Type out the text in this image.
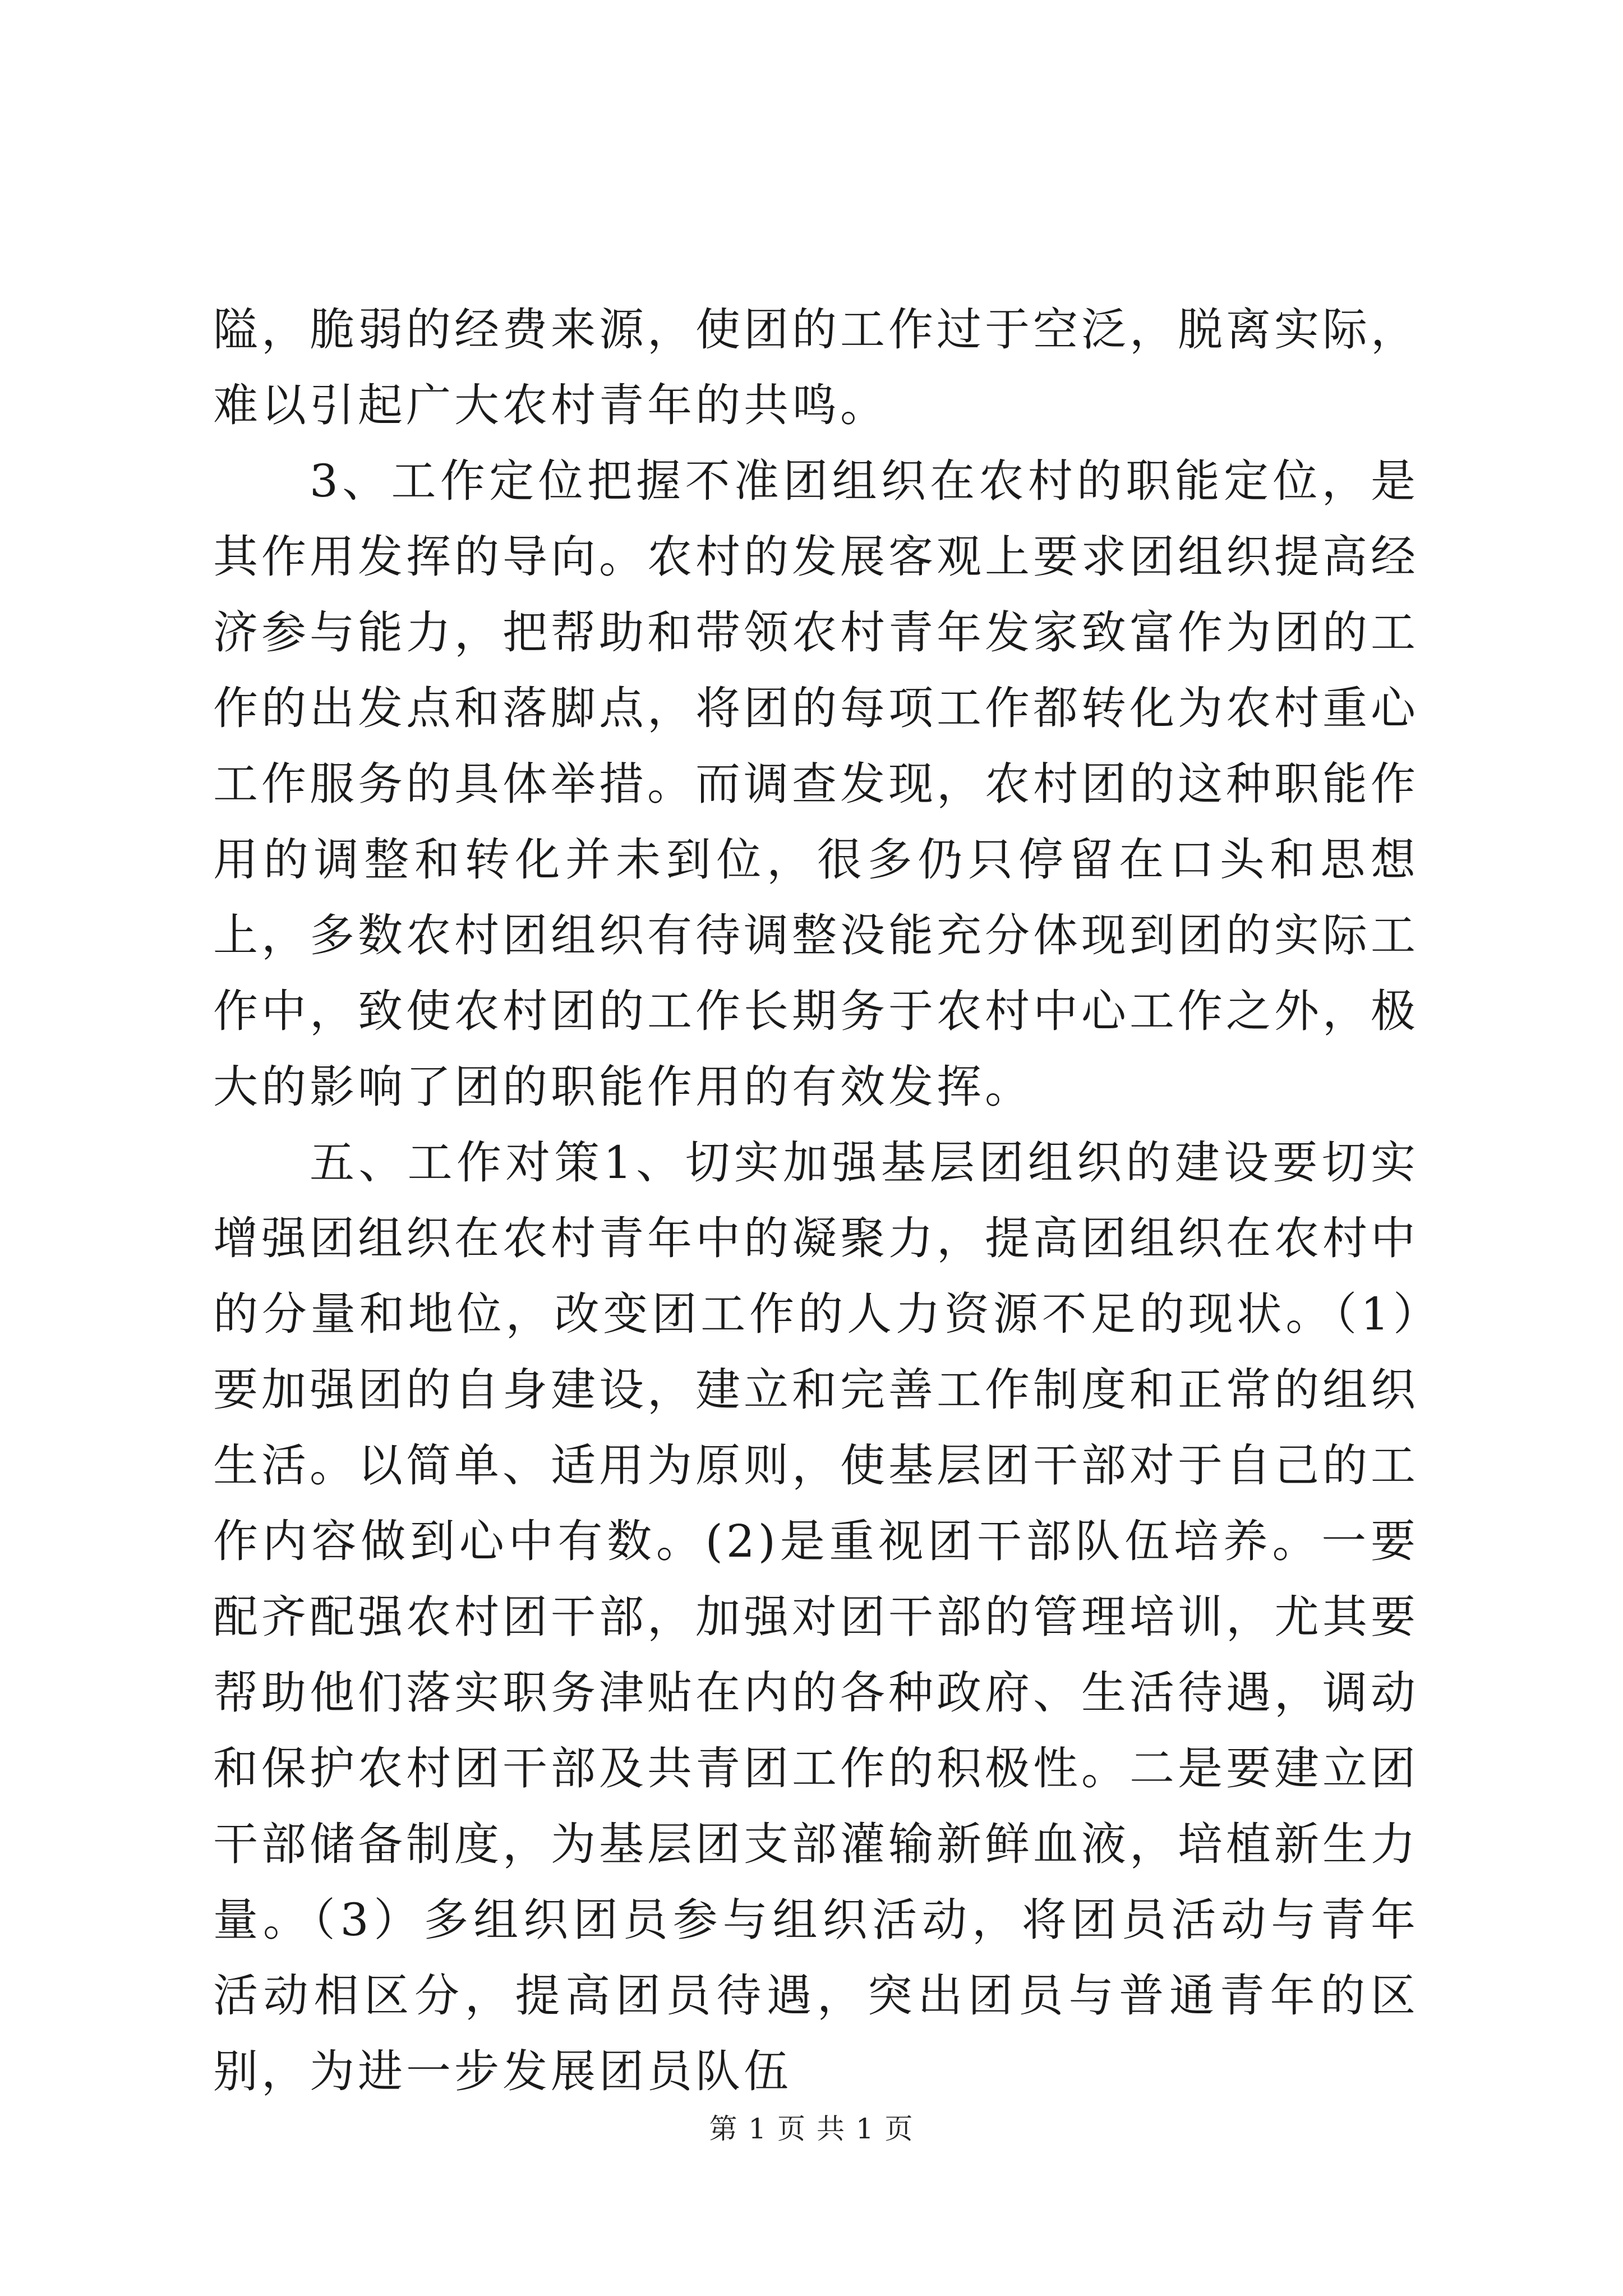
隘，脆弱的经费来源，使团的工作过于空泛，脱离实际，难以引起广大农村青年的共鸣。

3、工作定位把握不准团组织在农村的职能定位，是其作用发挥的导向。农村的发展客观上要求团组织提高经济参与能力，把帮助和带领农村青年发家致富作为团的工作的出发点和落脚点，将团的每项工作都转化为农村重心工作服务的具体举措。而调查发现，农村团的这种职能作用的调整和转化并未到位，很多仍只停留在口头和思想上，多数农村团组织有待调整没能充分体现到团的实际工作中，致使农村团的工作长期务于农村中心工作之外，极大的影响了团的职能作用的有效发挥。

五、工作对策1、切实加强基层团组织的建设要切实增强团组织在农村青年中的凝聚力，提高团组织在农村中的分量和地位，改变团工作的人力资源不足的现状。（1）要加强团的自身建设，建立和完善工作制度和正常的组织生活。以简单、适用为原则，使基层团干部对于自己的工作内容做到心中有数。(2)是重视团干部队伍培养。一要配齐配强农村团干部，加强对团干部的管理培训，尤其要帮助他们落实职务津贴在内的各种政府、生活待遇，调动和保护农村团干部及共青团工作的积极性。二是要建立团干部储备制度，为基层团支部灌输新鲜血液，培植新生力量。（3）多组织团员参与组织活动，将团员活动与青年活动相区分，提高团员待遇，突出团员与普通青年的区别，为进一步发展团员队伍

第 1 页 共 1 页
